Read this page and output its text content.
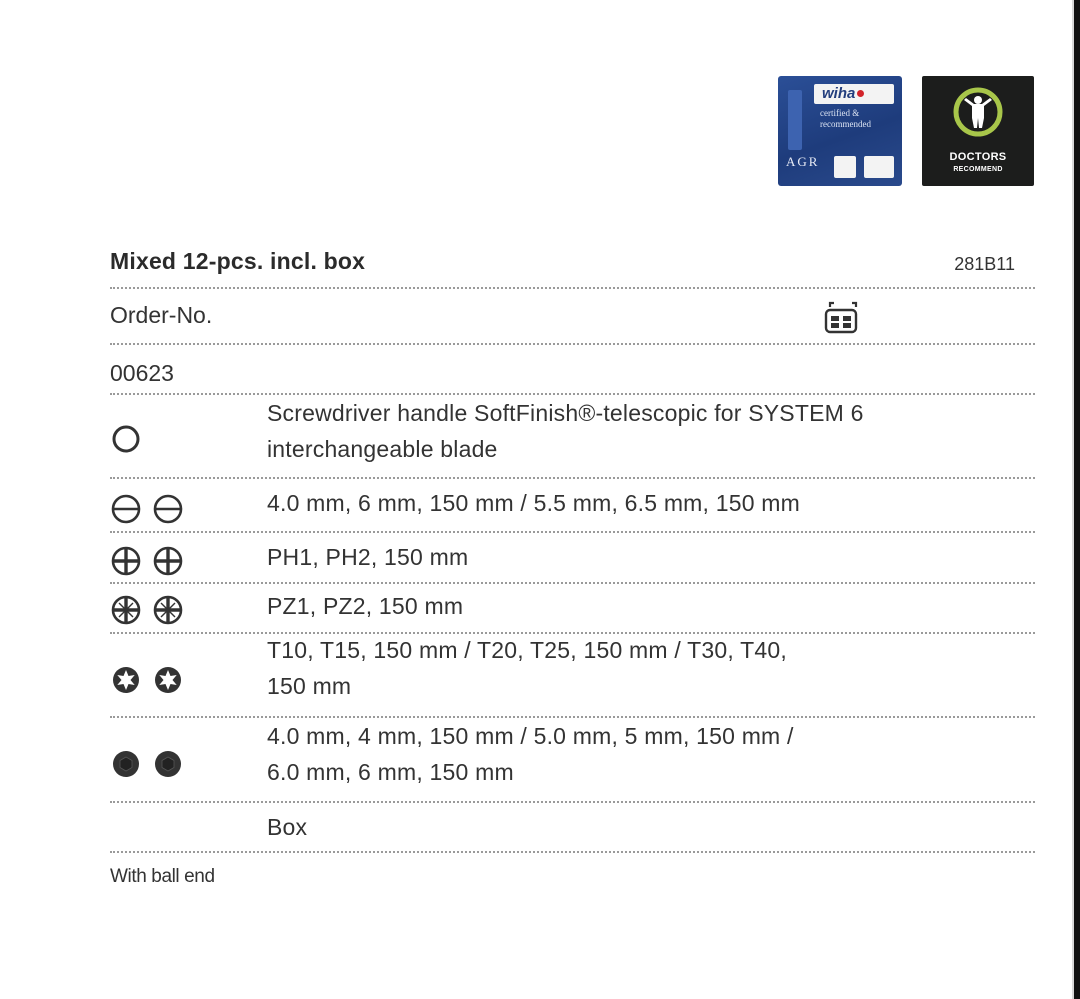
wiha
certified &
recommended
AGR	DOCTORS
RECOMMEND
Mixed 12-pcs. incl. box	281B11
Order-No.
00623
Screwdriver handle SoftFinish®-telescopic for SYSTEM 6
interchangeable blade
4.0 mm, 6 mm, 150 mm / 5.5 mm, 6.5 mm, 150 mm
PH1, PH2, 150 mm
PZ1, PZ2, 150 mm
T10, T15, 150 mm / T20, T25, 150 mm / T30, T40,
150 mm
4.0 mm, 4 mm, 150 mm / 5.0 mm, 5 mm, 150 mm /
6.0 mm, 6 mm, 150 mm
Box
With ball end
